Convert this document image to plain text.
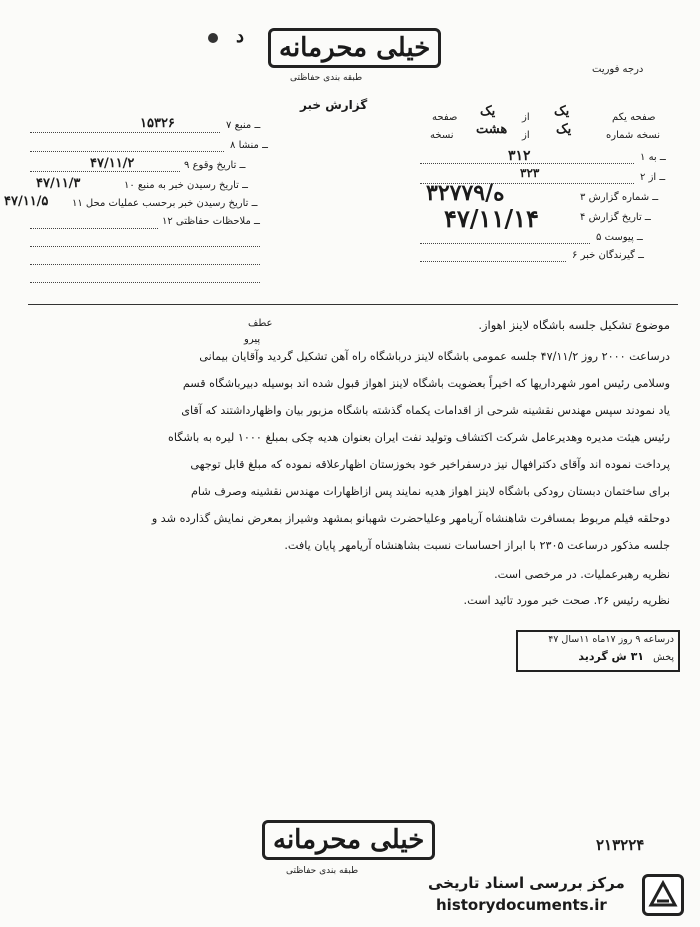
د	خیلی محرمانه
طبقه بندی حفاظتی
گزارش خبر
درجه فوریت
صفحه یکم
یک
از
یک
صفحه
نسخه شماره
یک
از
هشت
نسخه
۱ ــ به
۳۱۲
۲ ــ از
۳۲۳
۳ ــ شماره گزارش
۳۲۷۷۹/ه
۴ ــ تاریخ گزارش
۴۷/۱۱/۱۴
۵ ــ پیوست
۶ ــ گیرندگان خبر
۷ ــ منبع
۱۵۳۲۶
۸ ــ منشا
۹ ــ تاریخ وقوع
۴۷/۱۱/۲
۱۰ ــ تاریخ رسیدن خبر به منبع
۴۷/۱۱/۳
۱۱ ــ تاریخ رسیدن خبر برحسب عملیات محل
۴۷/۱۱/۵
۱۲ ــ ملاحظات حفاظتی
عطف
پیرو
موضوع تشکیل جلسه باشگاه لاینز اهواز.
درساعت ۲۰۰۰ روز ۴۷/۱۱/۲ جلسه عمومی باشگاه لاینز درباشگاه راه آهن تشکیل گردید وآقایان بیمانی
وسلامی رئیس امور شهرداریها که اخیراً بعضویت باشگاه لاینز اهواز قبول شده اند بوسیله دبیرباشگاه قسم
یاد نمودند سپس مهندس نقشینه شرحی از اقدامات یکماه گذشته باشگاه مزبور بیان واظهارداشتند که آقای
رئیس هیئت مدیره وهدیرعامل شرکت اکتشاف وتولید نفت ایران بعنوان هدیه چکی بمبلغ ۱۰۰۰ لیره به باشگاه
پرداخت نموده اند وآقای دکترافهال نیز درسفراخیر خود بخوزستان اظهارعلاقه نموده که مبلغ قابل توجهی
برای ساختمان دبستان رودکی باشگاه لاینز اهواز هدیه نمایند پس ازاظهارات مهندس نقشینه وصرف شام
دوحلقه فیلم مربوط بمسافرت شاهنشاه آریامهر وعلیاحضرت شهبانو بمشهد وشیراز بمعرض نمایش گذارده شد و
جلسه مذکور درساعت ۲۳۰۵ با ابراز احساسات نسبت بشاهنشاه آریامهر پایان یافت.
نظریه رهبرعملیات. در مرخصی است.
نظریه رئیس ۲۶. صحت خبر مورد تائید است.
درساعه ۹ روز ۱۷ماه ۱۱سال ۴۷
پخش
۳۱ ش گردید
۲۱۳۲۲۴
خیلی محرمانه
طبقه بندی حفاظتی
مرکز بررسی اسناد تاریخی
historydocuments.ir
